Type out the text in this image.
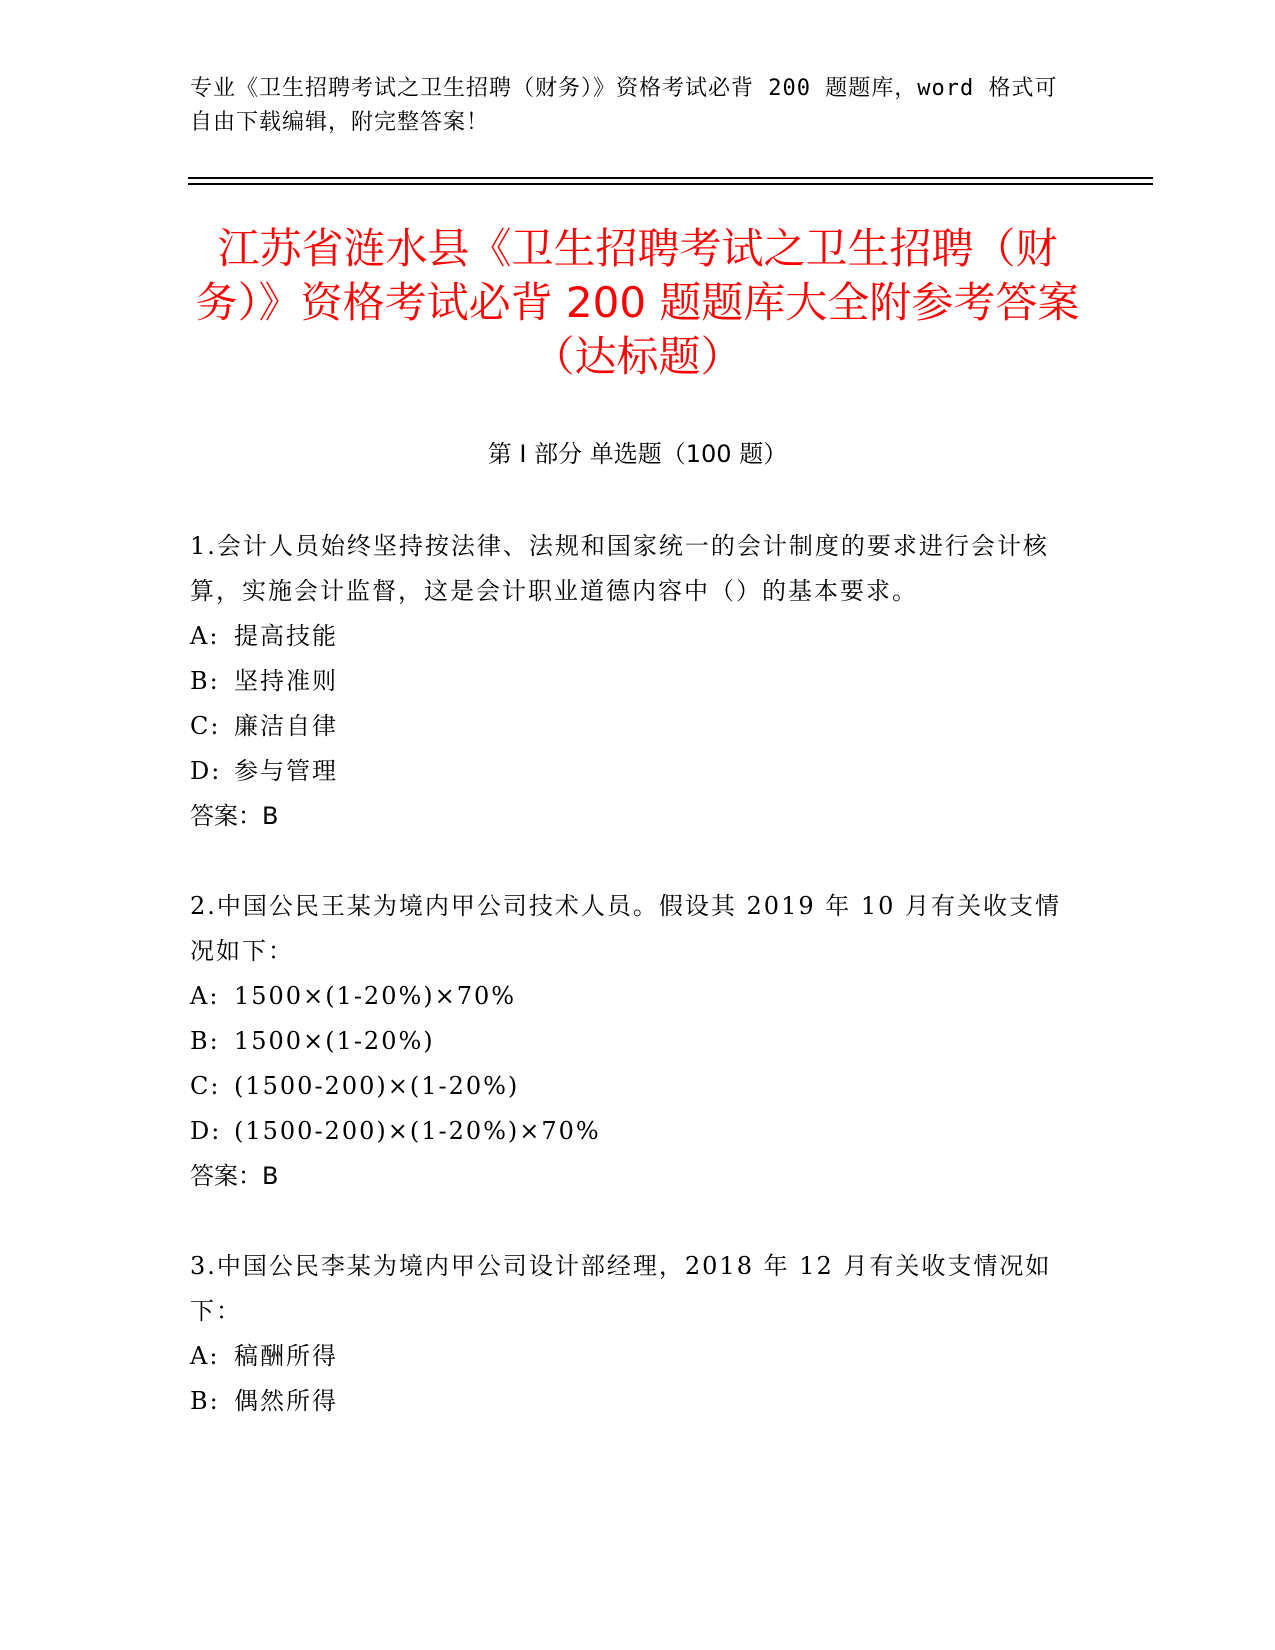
专业《卫生招聘考试之卫生招聘（财务）》资格考试必背 200 题题库，word 格式可自由下载编辑，附完整答案！
江苏省涟水县《卫生招聘考试之卫生招聘（财务）》资格考试必背 200 题题库大全附参考答案（达标题）
第 I 部分 单选题（100 题）
1.会计人员始终坚持按法律、法规和国家统一的会计制度的要求进行会计核算，实施会计监督，这是会计职业道德内容中（）的基本要求。
A: 提高技能
B: 坚持准则
C: 廉洁自律
D: 参与管理
答案：B
2.中国公民王某为境内甲公司技术人员。假设其 2019 年 10 月有关收支情况如下：
A: 1500×(1-20%)×70%
B: 1500×(1-20%)
C: (1500-200)×(1-20%)
D: (1500-200)×(1-20%)×70%
答案：B
3.中国公民李某为境内甲公司设计部经理，2018 年 12 月有关收支情况如下：
A: 稿酬所得
B: 偶然所得
